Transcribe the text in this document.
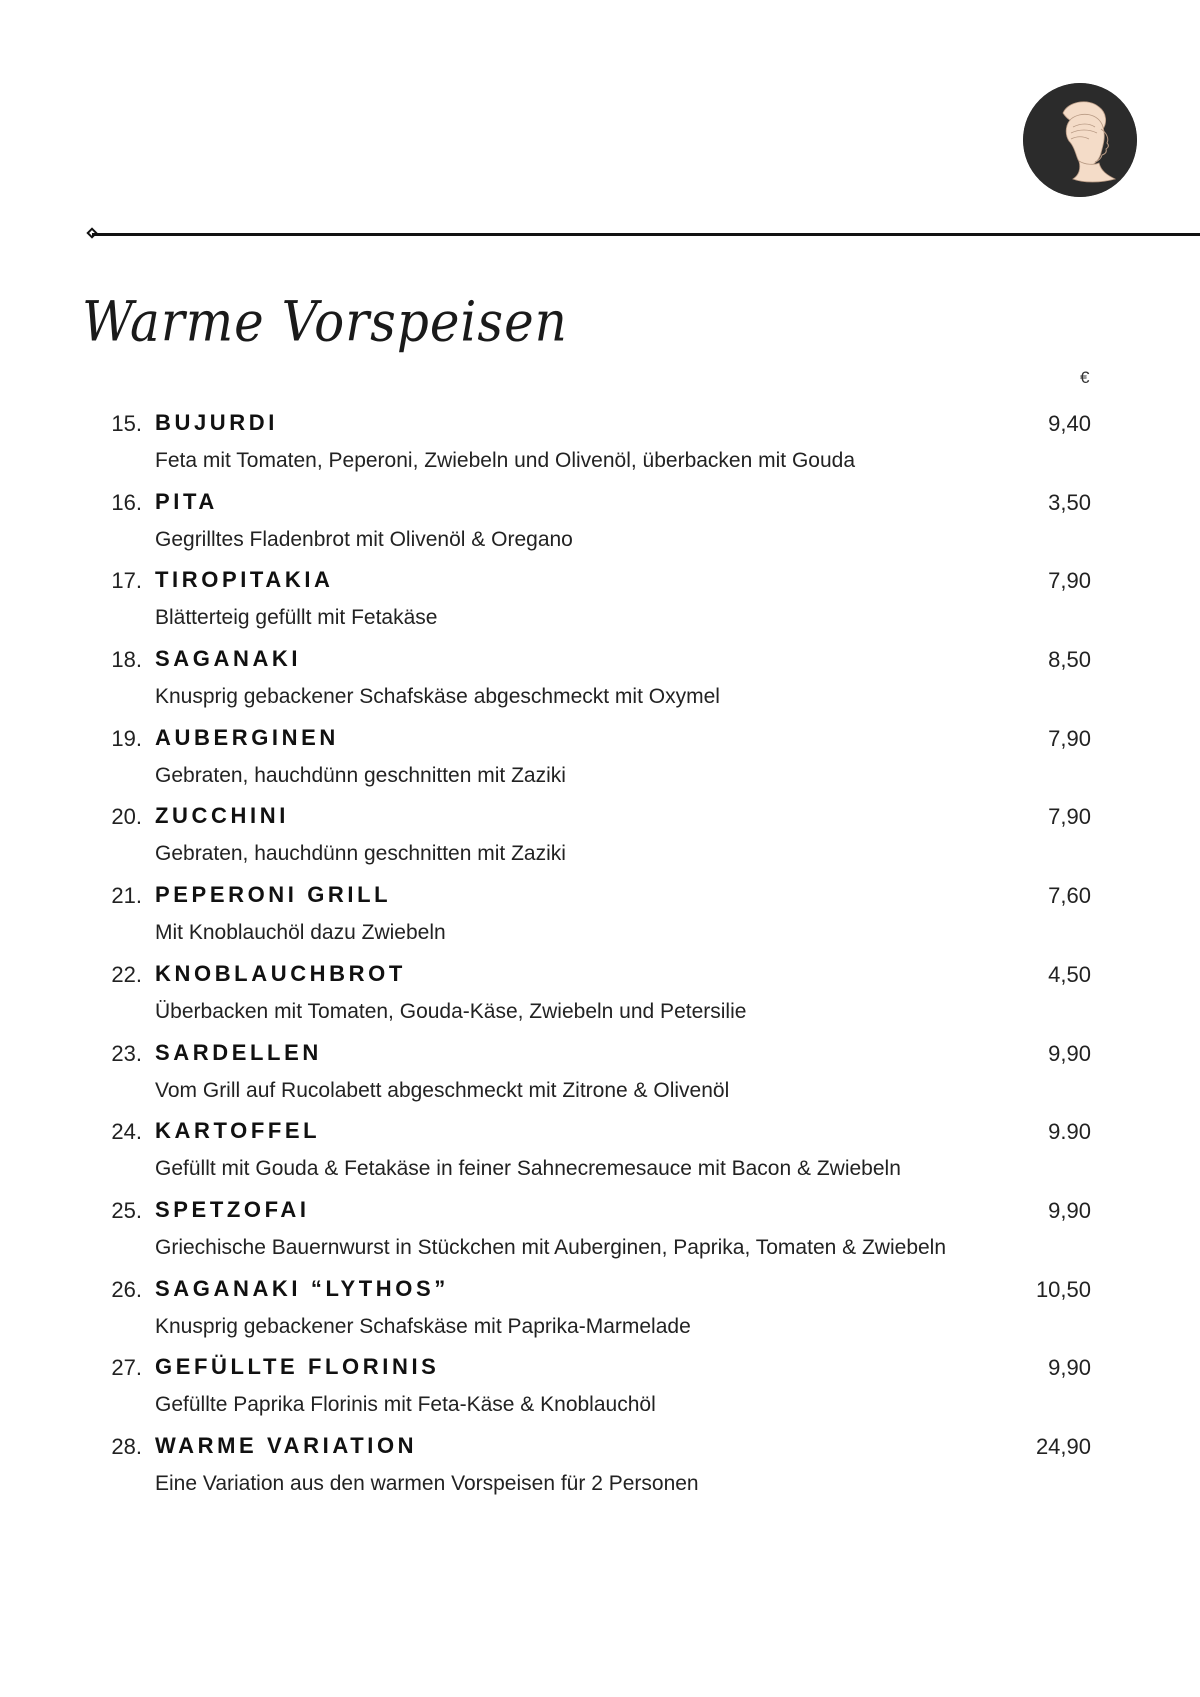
Warme Vorspeisen
€
15. BUJURDI	9,40
Feta mit Tomaten, Peperoni, Zwiebeln und Olivenöl, überbacken mit Gouda
16. PITA	3,50
Gegrilltes Fladenbrot mit Olivenöl & Oregano
17. TIROPITAKIA	7,90
Blätterteig gefüllt mit Fetakäse
18. SAGANAKI	8,50
Knusprig gebackener Schafskäse abgeschmeckt mit Oxymel
19. AUBERGINEN	7,90
Gebraten, hauchdünn geschnitten mit Zaziki
20. ZUCCHINI	7,90
Gebraten, hauchdünn geschnitten mit Zaziki
21. PEPERONI GRILL	7,60
Mit Knoblauchöl dazu Zwiebeln
22. KNOBLAUCHBROT	4,50
Überbacken mit Tomaten, Gouda-Käse, Zwiebeln und Petersilie
23. SARDELLEN	9,90
Vom Grill auf Rucolabett abgeschmeckt mit Zitrone & Olivenöl
24. KARTOFFEL	9.90
Gefüllt mit Gouda & Fetakäse in feiner Sahnecremesauce mit Bacon & Zwiebeln
25. SPETZOFAI	9,90
Griechische Bauernwurst in Stückchen mit Auberginen, Paprika, Tomaten & Zwiebeln
26. SAGANAKI “LYTHOS”	10,50
Knusprig gebackener Schafskäse mit Paprika-Marmelade
27. GEFÜLLTE FLORINIS	9,90
Gefüllte Paprika Florinis mit Feta-Käse & Knoblauchöl
28. WARME VARIATION	24,90
Eine Variation aus den warmen Vorspeisen für 2 Personen
